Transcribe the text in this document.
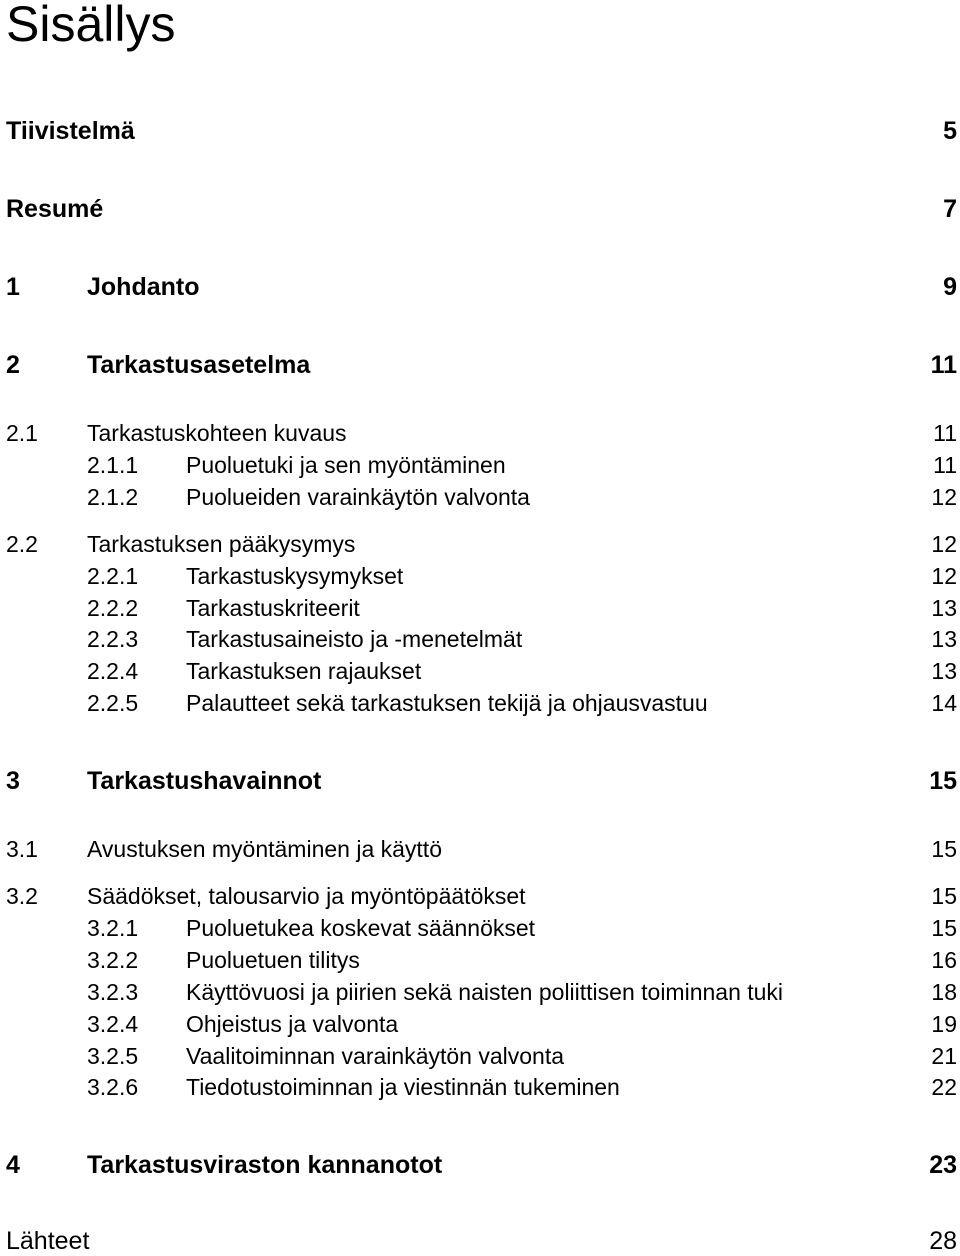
Sisällys
Tiivistelmä	5
Resumé	7
1	Johdanto	9
2	Tarkastusasetelma	11
2.1 Tarkastuskohteen kuvaus	11
2.1.1 Puoluetuki ja sen myöntäminen	11
2.1.2 Puolueiden varainkäytön valvonta	12
2.2 Tarkastuksen pääkysymys	12
2.2.1 Tarkastuskysymykset	12
2.2.2 Tarkastuskriteerit	13
2.2.3 Tarkastusaineisto ja -menetelmät	13
2.2.4 Tarkastuksen rajaukset	13
2.2.5 Palautteet sekä tarkastuksen tekijä ja ohjausvastuu	14
3	Tarkastushavainnot	15
3.1 Avustuksen myöntäminen ja käyttö	15
3.2 Säädökset, talousarvio ja myöntöpäätökset	15
3.2.1 Puoluetukea koskevat säännökset	15
3.2.2 Puoluetuen tilitys	16
3.2.3 Käyttövuosi ja piirien sekä naisten poliittisen toiminnan tuki	18
3.2.4 Ohjeistus ja valvonta	19
3.2.5 Vaalitoiminnan varainkäytön valvonta	21
3.2.6 Tiedotustoiminnan ja viestinnän tukeminen	22
4	Tarkastusviraston kannanotot	23
Lähteet	28
